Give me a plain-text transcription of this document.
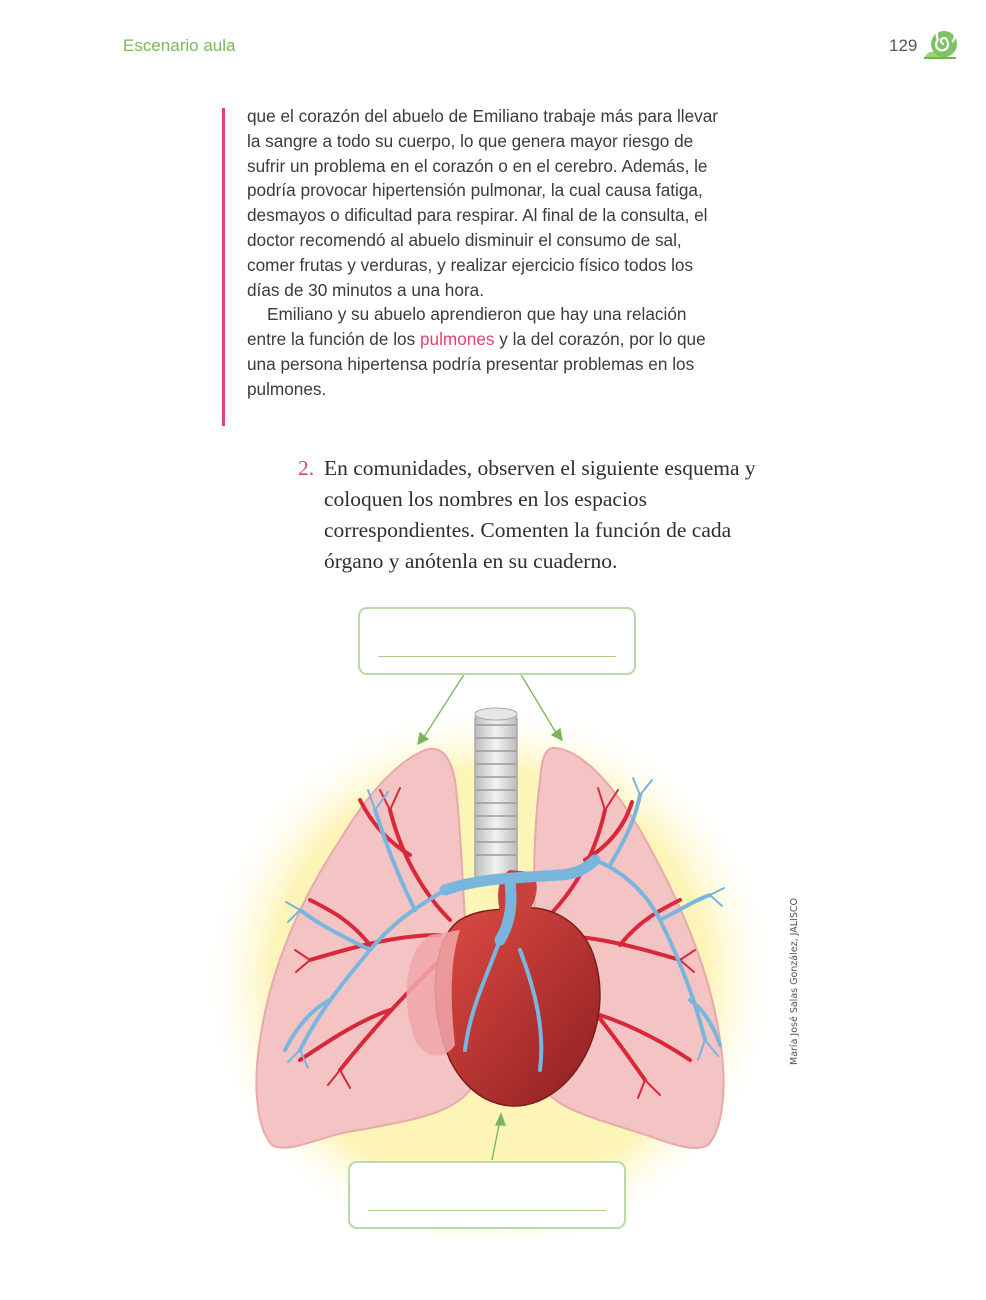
Escenario aula	129

que el corazón del abuelo de Emiliano trabaje más para llevar la sangre a todo su cuerpo, lo que genera mayor riesgo de sufrir un problema en el corazón o en el cerebro. Además, le podría provocar hipertensión pulmonar, la cual causa fatiga, desmayos o dificultad para respirar. Al final de la consulta, el doctor recomendó al abuelo disminuir el consumo de sal, comer frutas y verduras, y realizar ejercicio físico todos los días de 30 minutos a una hora.

Emiliano y su abuelo aprendieron que hay una relación entre la función de los pulmones y la del corazón, por lo que una persona hipertensa podría presentar problemas en los pulmones.

2. En comunidades, observen el siguiente esquema y coloquen los nombres en los espacios correspondientes. Comenten la función de cada órgano y anótenla en su cuaderno.
María José Salas González, JALISCO
